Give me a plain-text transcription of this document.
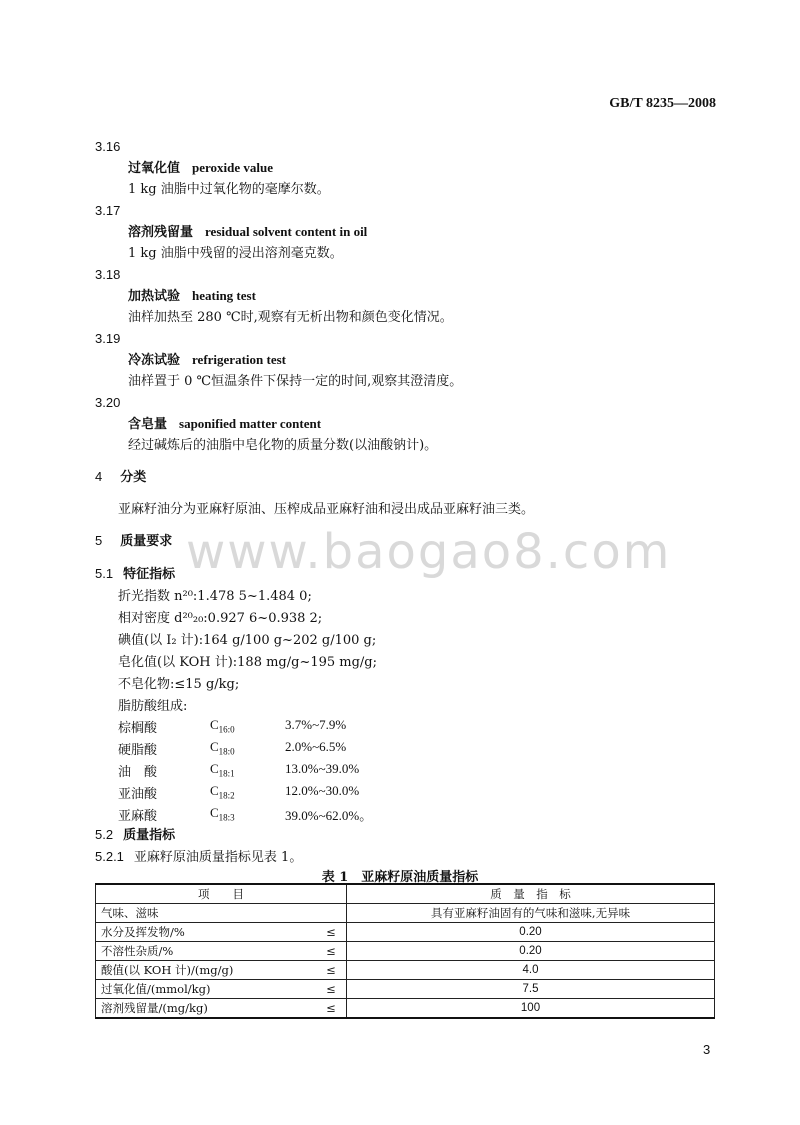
GB/T 8235—2008
www.baogao8.com
3.16
过氧化值 peroxide value
1 kg 油脂中过氧化物的毫摩尔数。
3.17
溶剂残留量 residual solvent content in oil
1 kg 油脂中残留的浸出溶剂毫克数。
3.18
加热试验 heating test
油样加热至 280 ℃时,观察有无析出物和颜色变化情况。
3.19
冷冻试验 refrigeration test
油样置于 0 ℃恒温条件下保持一定的时间,观察其澄清度。
3.20
含皂量 saponified matter content
经过碱炼后的油脂中皂化物的质量分数(以油酸钠计)。
4 分类
亚麻籽油分为亚麻籽原油、压榨成品亚麻籽油和浸出成品亚麻籽油三类。
5 质量要求
5.1 特征指标
折光指数 n²⁰:1.478 5~1.484 0;
相对密度 d²⁰₂₀:0.927 6~0.938 2;
碘值(以 I₂ 计):164 g/100 g~202 g/100 g;
皂化值(以 KOH 计):188 mg/g~195 mg/g;
不皂化物:≤15 g/kg;
脂肪酸组成:
棕榈酸	$C_{16:0}$	3.7%~7.9%
硬脂酸	$C_{18:0}$	2.0%~6.5%
油　酸	$C_{18:1}$	13.0%~39.0%
亚油酸	$C_{18:2}$	12.0%~30.0%
亚麻酸	$C_{18:3}$	39.0%~62.0%。
5.2 质量指标
5.2.1 亚麻籽原油质量指标见表 1。
表 1　亚麻籽原油质量指标
项　　目		质　量　指　标
气味、滋味		具有亚麻籽油固有的气味和滋味,无异味
水分及挥发物/%	≤	0.20
不溶性杂质/%	≤	0.20
酸值(以 KOH 计)/(mg/g)	≤	4.0
过氧化值/(mmol/kg)	≤	7.5
溶剂残留量/(mg/kg)	≤	100
3
